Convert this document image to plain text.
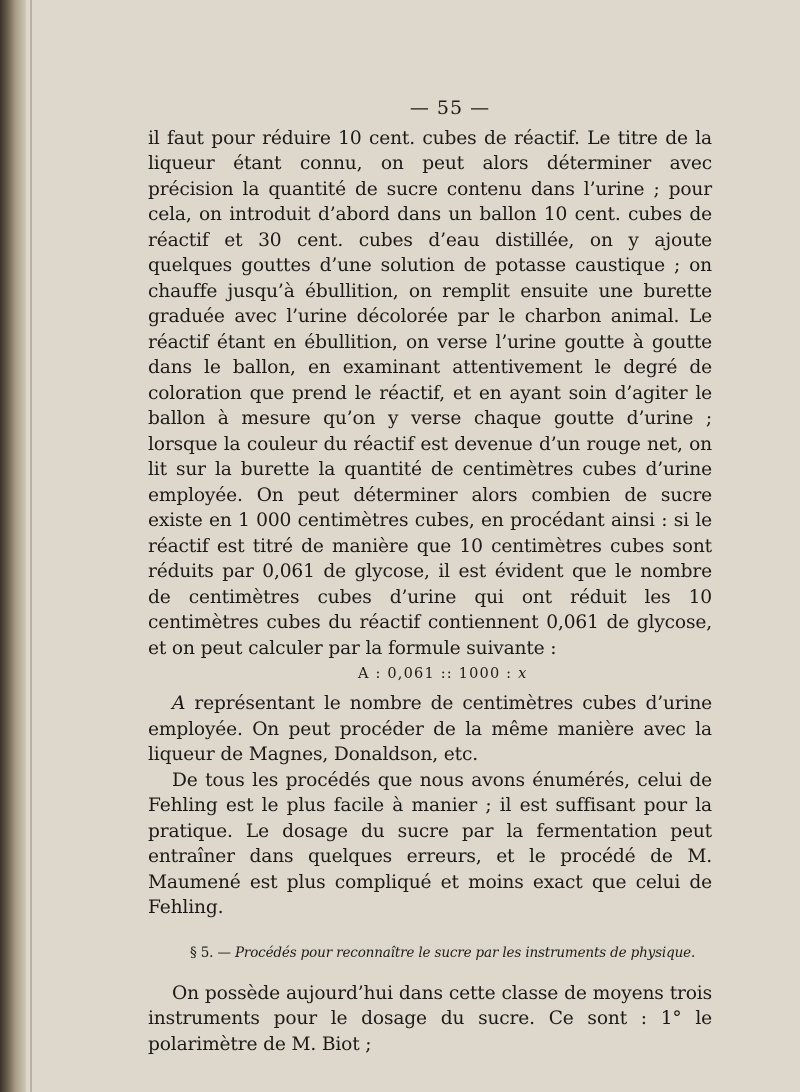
— 55 —

il faut pour réduire 10 cent. cubes de réactif. Le titre de la liqueur étant connu, on peut alors déterminer avec précision la quantité de sucre contenu dans l’urine ; pour cela, on introduit d’abord dans un ballon 10 cent. cubes de réactif et 30 cent. cubes d’eau distillée, on y ajoute quelques gouttes d’une solution de potasse caustique ; on chauffe jusqu’à ébullition, on remplit ensuite une burette graduée avec l’urine décolorée par le charbon animal. Le réactif étant en ébullition, on verse l’urine goutte à goutte dans le ballon, en examinant attentivement le degré de coloration que prend le réactif, et en ayant soin d’agiter le ballon à mesure qu’on y verse chaque goutte d’urine ; lorsque la couleur du réactif est devenue d’un rouge net, on lit sur la burette la quantité de centimètres cubes d’urine employée. On peut déterminer alors combien de sucre existe en 1 000 centimètres cubes, en procédant ainsi : si le réactif est titré de manière que 10 centimètres cubes sont réduits par 0,061 de glycose, il est évident que le nombre de centimètres cubes d’urine qui ont réduit les 10 centimètres cubes du réactif contiennent 0,061 de glycose, et on peut calculer par la formule suivante :

A : 0,061 :: 1000 : x

A représentant le nombre de centimètres cubes d’urine employée. On peut procéder de la même manière avec la liqueur de Magnes, Donaldson, etc.

De tous les procédés que nous avons énumérés, celui de Fehling est le plus facile à manier ; il est suffisant pour la pratique. Le dosage du sucre par la fermentation peut entraîner dans quelques erreurs, et le procédé de M. Maumené est plus compliqué et moins exact que celui de Fehling.

§ 5. — Procédés pour reconnaître le sucre par les instruments de physique.

On possède aujourd’hui dans cette classe de moyens trois instruments pour le dosage du sucre. Ce sont : 1° le polarimètre de M. Biot ;
